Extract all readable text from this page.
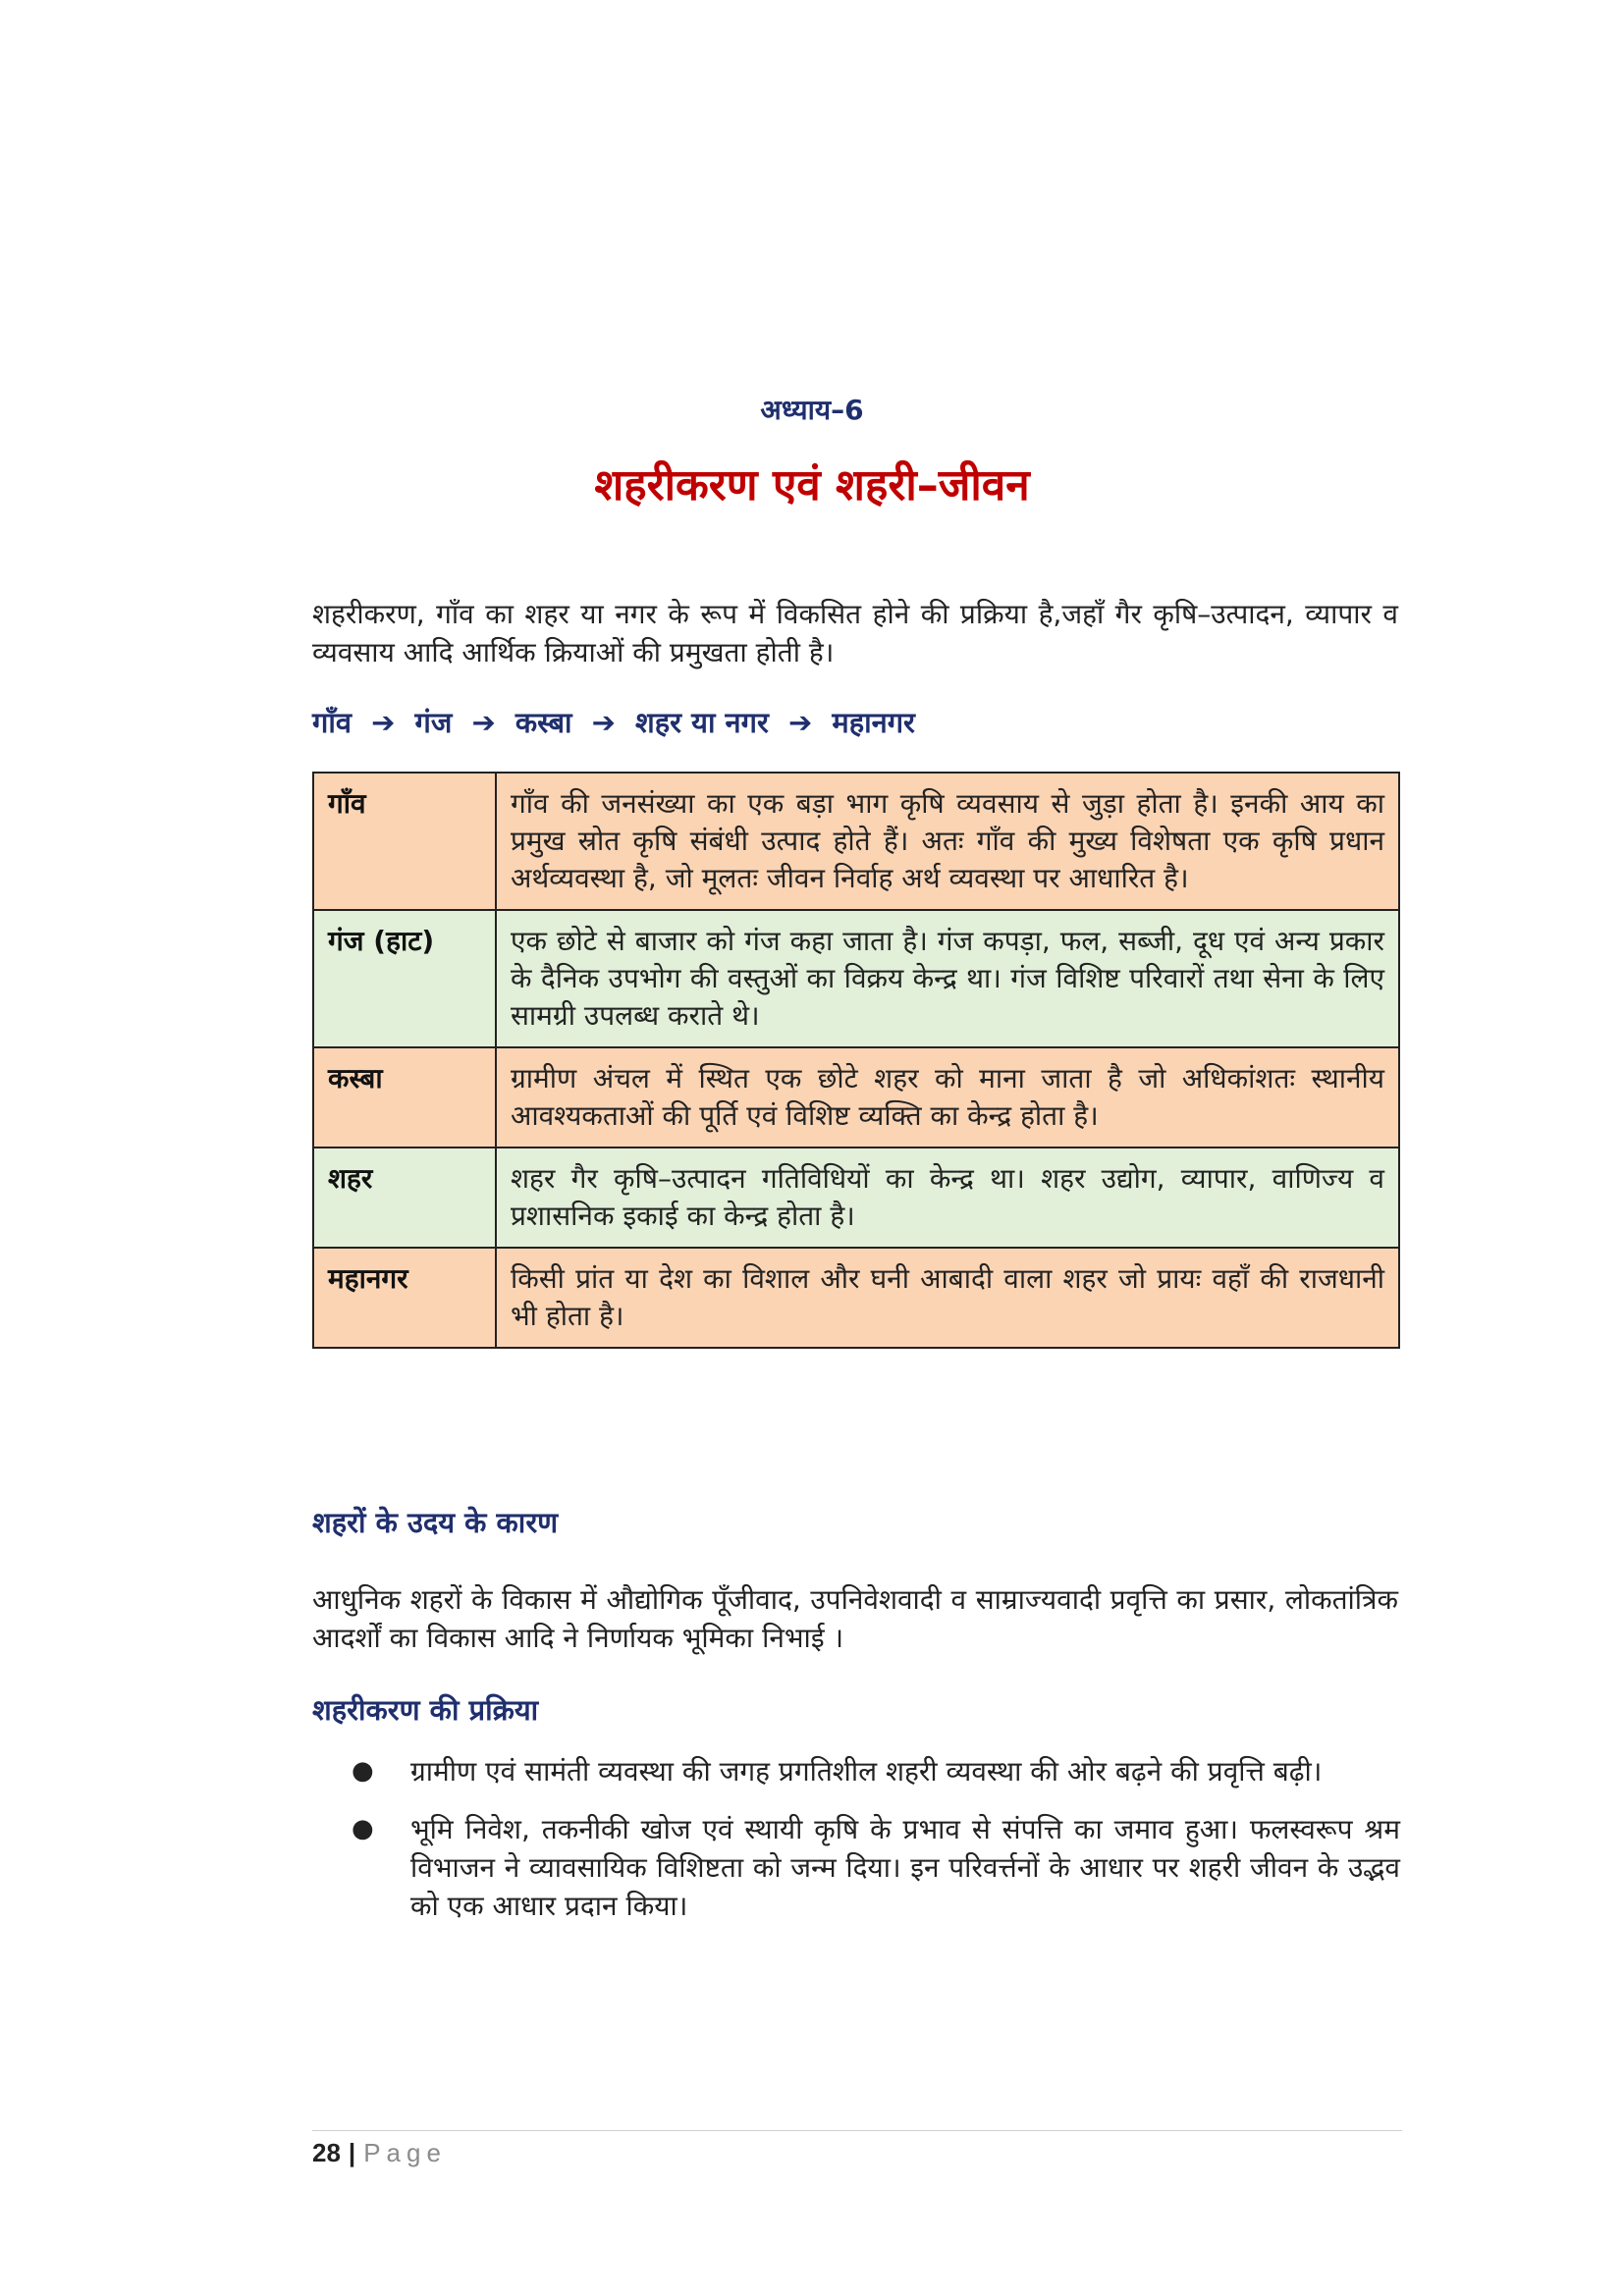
अध्याय–6
शहरीकरण एवं शहरी–जीवन
शहरीकरण, गाँव का शहर या नगर के रूप में विकसित होने की प्रक्रिया है,जहाँ गैर कृषि–उत्पादन, व्यापार व व्यवसाय आदि आर्थिक क्रियाओं की प्रमुखता होती है।
गाँव ➔ गंज ➔ कस्बा ➔ शहर या नगर ➔ महानगर
गाँव	गाँव की जनसंख्या का एक बड़ा भाग कृषि व्यवसाय से जुड़ा होता है। इनकी आय का प्रमुख स्रोत कृषि संबंधी उत्पाद होते हैं। अतः गाँव की मुख्य विशेषता एक कृषि प्रधान अर्थव्यवस्था है, जो मूलतः जीवन निर्वाह अर्थ व्यवस्था पर आधारित है।
गंज (हाट)	एक छोटे से बाजार को गंज कहा जाता है। गंज कपड़ा, फल, सब्जी, दूध एवं अन्य प्रकार के दैनिक उपभोग की वस्तुओं का विक्रय केन्द्र था। गंज विशिष्ट परिवारों तथा सेना के लिए सामग्री उपलब्ध कराते थे।
कस्बा	ग्रामीण अंचल में स्थित एक छोटे शहर को माना जाता है जो अधिकांशतः स्थानीय आवश्यकताओं की पूर्ति एवं विशिष्ट व्यक्ति का केन्द्र होता है।
शहर	शहर गैर कृषि–उत्पादन गतिविधियों का केन्द्र था। शहर उद्योग, व्यापार, वाणिज्य व प्रशासनिक इकाई का केन्द्र होता है।
महानगर	किसी प्रांत या देश का विशाल और घनी आबादी वाला शहर जो प्रायः वहाँ की राजधानी भी होता है।
शहरों के उदय के कारण
आधुनिक शहरों के विकास में औद्योगिक पूँजीवाद, उपनिवेशवादी व साम्राज्यवादी प्रवृत्ति का प्रसार, लोकतांत्रिक आदर्शों का विकास आदि ने निर्णायक भूमिका निभाई ।
शहरीकरण की प्रक्रिया
● ग्रामीण एवं सामंती व्यवस्था की जगह प्रगतिशील शहरी व्यवस्था की ओर बढ़ने की प्रवृत्ति बढ़ी।
● भूमि निवेश, तकनीकी खोज एवं स्थायी कृषि के प्रभाव से संपत्ति का जमाव हुआ। फलस्वरूप श्रम विभाजन ने व्यावसायिक विशिष्टता को जन्म दिया। इन परिवर्त्तनों के आधार पर शहरी जीवन के उद्भव को एक आधार प्रदान किया।
28 | Page
